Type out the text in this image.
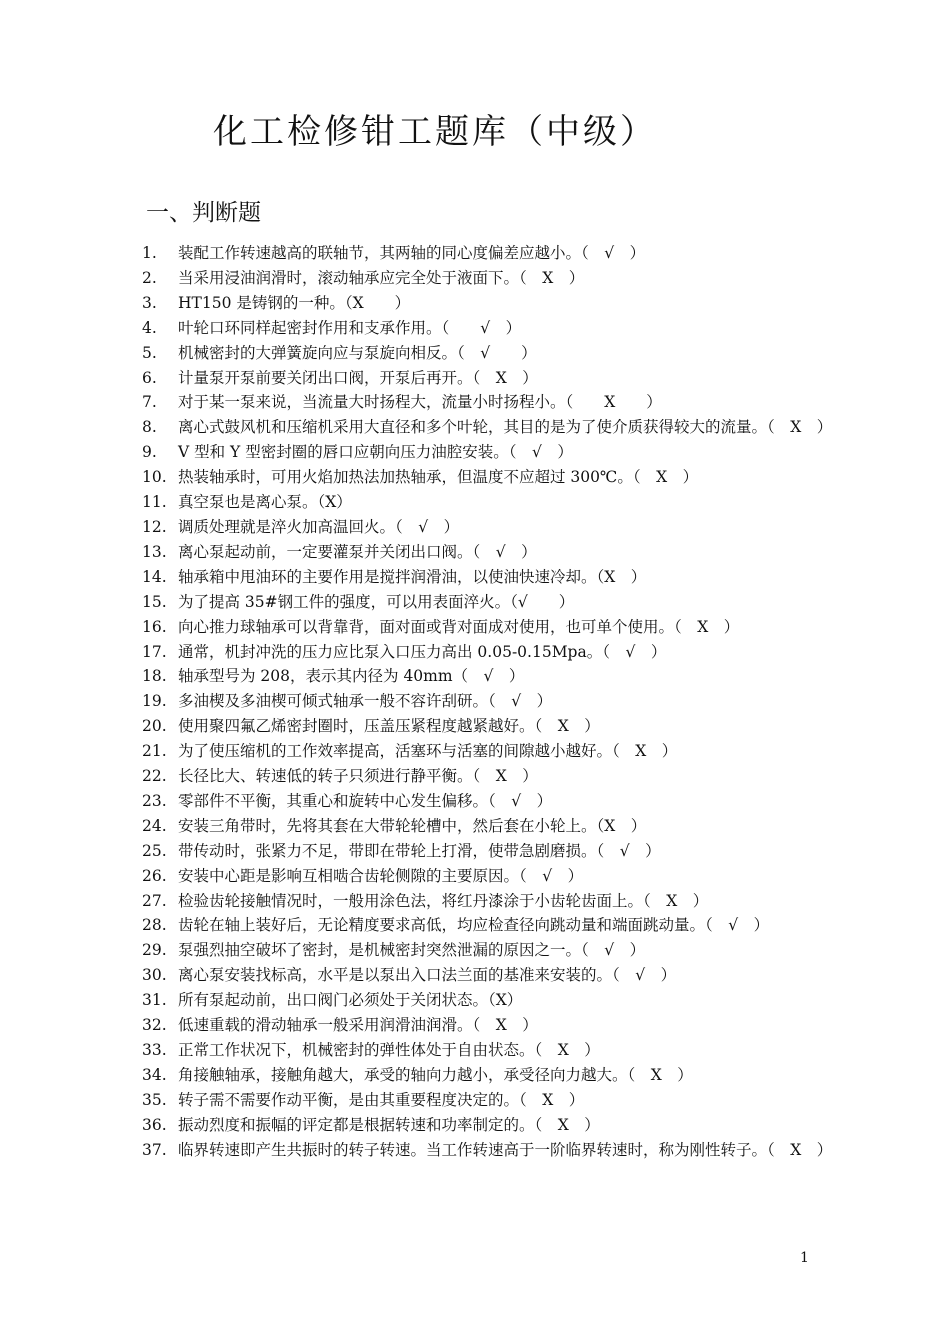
化工检修钳工题库（中级）
一、判断题
1.	装配工作转速越高的联轴节，其两轴的同心度偏差应越小。（　√　）
2.	当采用浸油润滑时，滚动轴承应完全处于液面下。（　X　）
3.	HT150 是铸钢的一种。（X　　）
4.	叶轮口环同样起密封作用和支承作用。（　　√　）
5.	机械密封的大弹簧旋向应与泵旋向相反。（　√　　）
6.	计量泵开泵前要关闭出口阀，开泵后再开。（　X　）
7.	对于某一泵来说，当流量大时扬程大，流量小时扬程小。（　　X　　）
8.	离心式鼓风机和压缩机采用大直径和多个叶轮，其目的是为了使介质获得较大的流量。（　X　）
9.	V 型和 Y 型密封圈的唇口应朝向压力油腔安装。（　√　）
10. 热装轴承时，可用火焰加热法加热轴承，但温度不应超过 300℃。（　X　）
11. 真空泵也是离心泵。（X）
12. 调质处理就是淬火加高温回火。（　√　）
13. 离心泵起动前，一定要灌泵并关闭出口阀。（　√　）
14. 轴承箱中甩油环的主要作用是搅拌润滑油，以使油快速冷却。（X　）
15. 为了提高 35#钢工件的强度，可以用表面淬火。（√　　）
16. 向心推力球轴承可以背靠背，面对面或背对面成对使用，也可单个使用。（　X　）
17. 通常，机封冲洗的压力应比泵入口压力高出 0.05-0.15Mpa。（　√　）
18. 轴承型号为 208，表示其内径为 40mm（　√　）
19. 多油楔及多油楔可倾式轴承一般不容许刮研。（　√　）
20. 使用聚四氟乙烯密封圈时，压盖压紧程度越紧越好。（　X　）
21. 为了使压缩机的工作效率提高，活塞环与活塞的间隙越小越好。（　X　）
22. 长径比大、转速低的转子只须进行静平衡。（　X　）
23. 零部件不平衡，其重心和旋转中心发生偏移。（　√　）
24. 安装三角带时，先将其套在大带轮轮槽中，然后套在小轮上。（X　）
25. 带传动时，张紧力不足，带即在带轮上打滑，使带急剧磨损。（　√　）
26. 安装中心距是影响互相啮合齿轮侧隙的主要原因。（　√　）
27. 检验齿轮接触情况时，一般用涂色法，将红丹漆涂于小齿轮齿面上。（　X　）
28. 齿轮在轴上装好后，无论精度要求高低，均应检查径向跳动量和端面跳动量。（　√　）
29. 泵强烈抽空破坏了密封，是机械密封突然泄漏的原因之一。（　√　）
30. 离心泵安装找标高，水平是以泵出入口法兰面的基准来安装的。（　√　）
31. 所有泵起动前，出口阀门必须处于关闭状态。（X）
32. 低速重载的滑动轴承一般采用润滑油润滑。（　X　）
33. 正常工作状况下，机械密封的弹性体处于自由状态。（　X　）
34. 角接触轴承，接触角越大，承受的轴向力越小，承受径向力越大。（　X　）
35. 转子需不需要作动平衡，是由其重要程度决定的。（　X　）
36. 振动烈度和振幅的评定都是根据转速和功率制定的。（　X　）
37. 临界转速即产生共振时的转子转速。当工作转速高于一阶临界转速时，称为刚性转子。（　X　）
1
